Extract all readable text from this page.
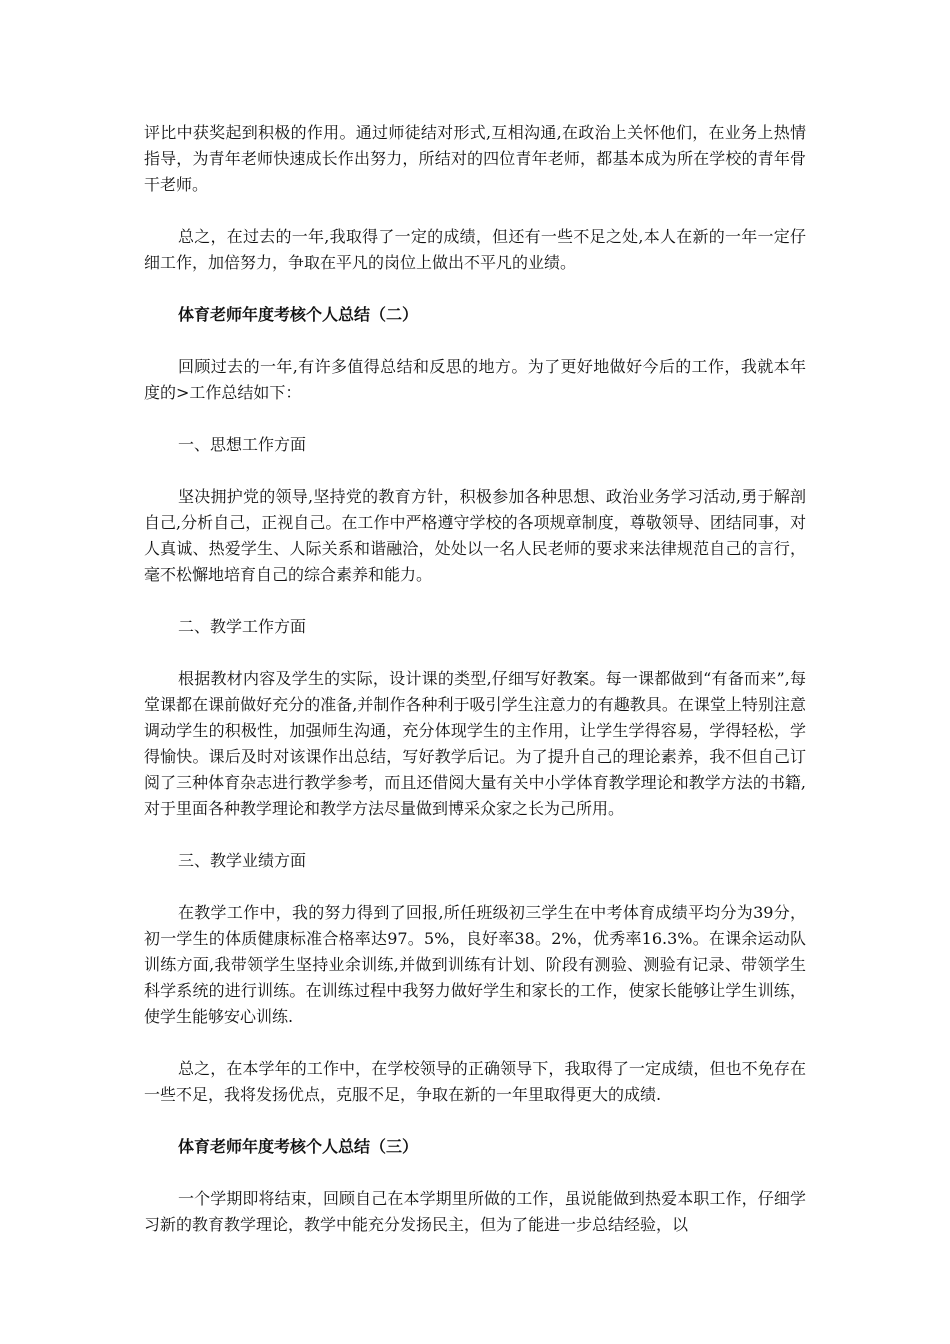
评比中获奖起到积极的作用。通过师徒结对形式,互相沟通,在政治上关怀他们，在业务上热情指导，为青年老师快速成长作出努力，所结对的四位青年老师，都基本成为所在学校的青年骨干老师。

总之，在过去的一年,我取得了一定的成绩，但还有一些不足之处,本人在新的一年一定仔细工作，加倍努力，争取在平凡的岗位上做出不平凡的业绩。

体育老师年度考核个人总结（二）

回顾过去的一年,有许多值得总结和反思的地方。为了更好地做好今后的工作，我就本年度的>工作总结如下：

一、思想工作方面

坚决拥护党的领导,坚持党的教育方针，积极参加各种思想、政治业务学习活动,勇于解剖自己,分析自己，正视自己。在工作中严格遵守学校的各项规章制度，尊敬领导、团结同事，对人真诚、热爱学生、人际关系和谐融洽，处处以一名人民老师的要求来法律规范自己的言行，毫不松懈地培育自己的综合素养和能力。

二、教学工作方面

根据教材内容及学生的实际，设计课的类型,仔细写好教案。每一课都做到“有备而来”,每堂课都在课前做好充分的准备,并制作各种利于吸引学生注意力的有趣教具。在课堂上特别注意调动学生的积极性，加强师生沟通，充分体现学生的主作用，让学生学得容易，学得轻松，学得愉快。课后及时对该课作出总结，写好教学后记。为了提升自己的理论素养，我不但自己订阅了三种体育杂志进行教学参考，而且还借阅大量有关中小学体育教学理论和教学方法的书籍,对于里面各种教学理论和教学方法尽量做到博采众家之长为己所用。

三、教学业绩方面

在教学工作中，我的努力得到了回报,所任班级初三学生在中考体育成绩平均分为39分，初一学生的体质健康标准合格率达97。5%，良好率38。2%，优秀率16.3%。在课余运动队训练方面,我带领学生坚持业余训练,并做到训练有计划、阶段有测验、测验有记录、带领学生科学系统的进行训练。在训练过程中我努力做好学生和家长的工作，使家长能够让学生训练，使学生能够安心训练.

总之，在本学年的工作中，在学校领导的正确领导下，我取得了一定成绩，但也不免存在一些不足，我将发扬优点，克服不足，争取在新的一年里取得更大的成绩.

体育老师年度考核个人总结（三）

一个学期即将结束，回顾自己在本学期里所做的工作，虽说能做到热爱本职工作，仔细学习新的教育教学理论，教学中能充分发扬民主，但为了能进一步总结经验，以
